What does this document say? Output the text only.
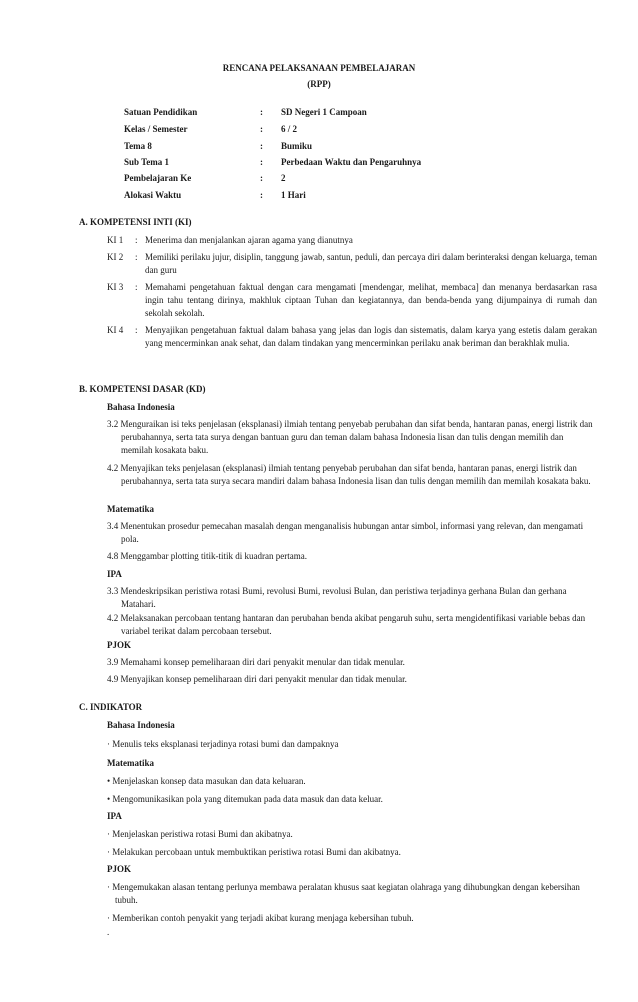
RENCANA PELAKSANAAN PEMBELAJARAN
(RPP)
Satuan Pendidikan	: SD Negeri 1 Campoan
Kelas / Semester	: 6 / 2
Tema 8	: Bumiku
Sub Tema 1	: Perbedaan Waktu dan Pengaruhnya
Pembelajaran Ke	: 2
Alokasi Waktu	: 1 Hari
A. KOMPETENSI INTI (KI)
KI 1 : Menerima dan menjalankan ajaran agama yang dianutnya
KI 2 : Memiliki perilaku jujur, disiplin, tanggung jawab, santun, peduli, dan percaya diri dalam berinteraksi dengan keluarga, teman dan guru
KI 3 : Memahami pengetahuan faktual dengan cara mengamati [mendengar, melihat, membaca] dan menanya berdasarkan rasa ingin tahu tentang dirinya, makhluk ciptaan Tuhan dan kegiatannya, dan benda-benda yang dijumpainya di rumah dan sekolah sekolah.
KI 4 : Menyajikan pengetahuan faktual dalam bahasa yang jelas dan logis dan sistematis, dalam karya yang estetis dalam gerakan yang mencerminkan anak sehat, dan dalam tindakan yang mencerminkan perilaku anak beriman dan berakhlak mulia.
B. KOMPETENSI DASAR (KD)
Bahasa Indonesia
3.2 Menguraikan isi teks penjelasan (eksplanasi) ilmiah tentang penyebab perubahan dan sifat benda, hantaran panas, energi listrik dan perubahannya, serta tata surya dengan bantuan guru dan teman dalam bahasa Indonesia lisan dan tulis dengan memilih dan memilah kosakata baku.
4.2 Menyajikan teks penjelasan (eksplanasi) ilmiah tentang penyebab perubahan dan sifat benda, hantaran panas, energi listrik dan perubahannya, serta tata surya secara mandiri dalam bahasa Indonesia lisan dan tulis dengan memilih dan memilah kosakata baku.
Matematika
3.4 Menentukan prosedur pemecahan masalah dengan menganalisis hubungan antar simbol, informasi yang relevan, dan mengamati pola.
4.8 Menggambar plotting titik-titik di kuadran pertama.
IPA
3.3 Mendeskripsikan peristiwa rotasi Bumi, revolusi Bumi, revolusi Bulan, dan peristiwa terjadinya gerhana Bulan dan gerhana Matahari.
4.2 Melaksanakan percobaan tentang hantaran dan perubahan benda akibat pengaruh suhu, serta mengidentifikasi variable bebas dan variabel terikat dalam percobaan tersebut.
PJOK
3.9 Memahami konsep pemeliharaan diri dari penyakit menular dan tidak menular.
4.9 Menyajikan konsep pemeliharaan diri dari penyakit menular dan tidak menular.
C. INDIKATOR
Bahasa Indonesia
· Menulis teks eksplanasi terjadinya rotasi bumi dan dampaknya
Matematika
• Menjelaskan konsep data masukan dan data keluaran.
• Mengomunikasikan pola yang ditemukan pada data masuk dan data keluar.
IPA
· Menjelaskan peristiwa rotasi Bumi dan akibatnya.
· Melakukan percobaan untuk membuktikan peristiwa rotasi Bumi dan akibatnya.
PJOK
· Mengemukakan alasan tentang perlunya membawa peralatan khusus saat kegiatan olahraga yang dihubungkan dengan kebersihan tubuh.
· Memberikan contoh penyakit yang terjadi akibat kurang menjaga kebersihan tubuh.
.
